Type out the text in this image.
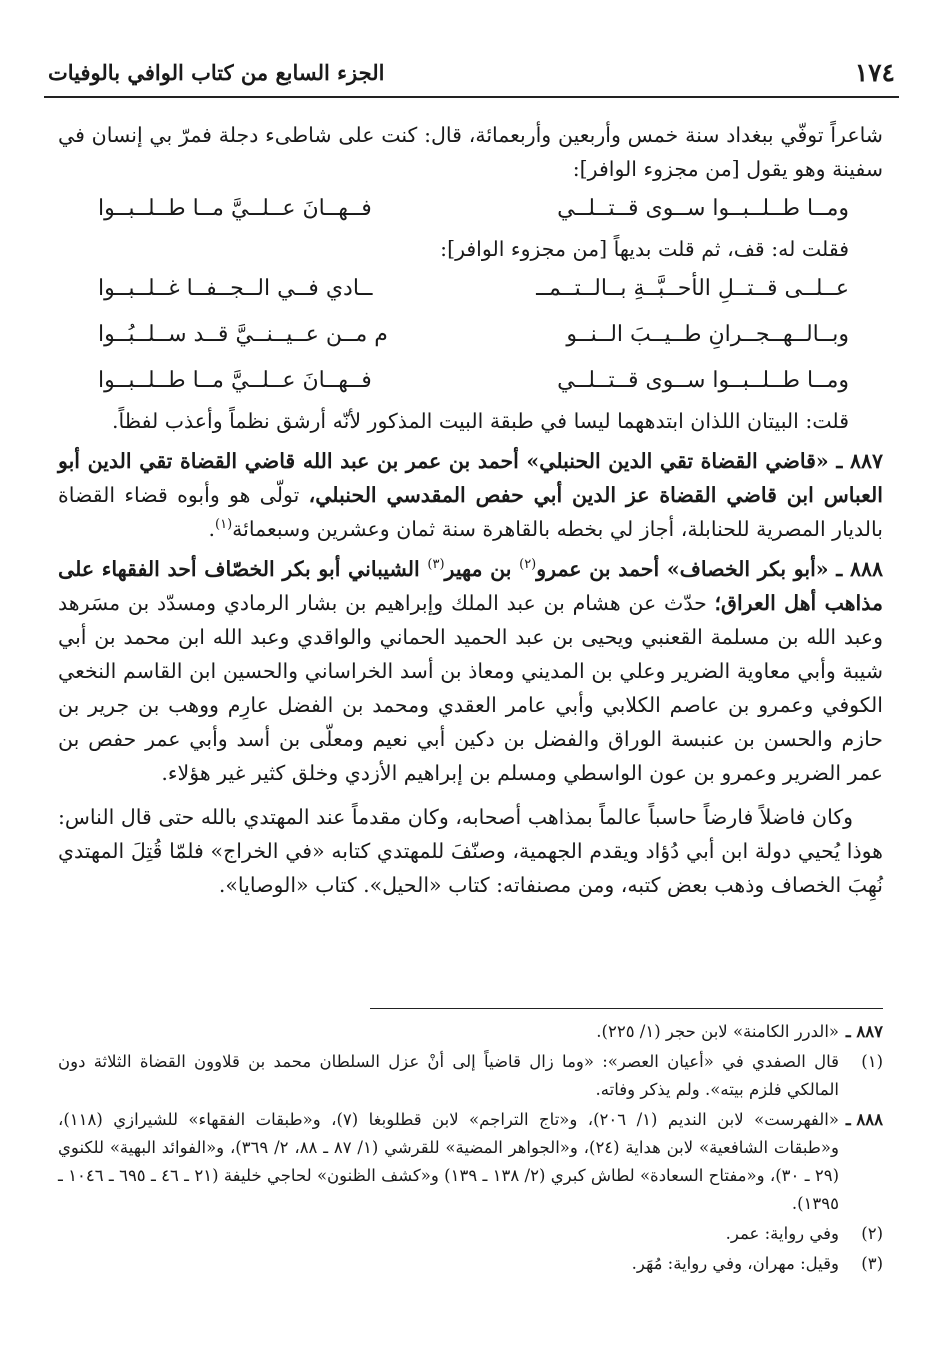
١٧٤
الجزء السابع من كتاب الوافي بالوفيات

شاعراً توفّي ببغداد سنة خمس وأربعين وأربعمائة، قال: كنت على شاطىء دجلة فمرّ بي إنسان في سفينة وهو يقول [من مجزوء الوافر]:

ومــا طــلــبــوا ســوى قــتــلــي
فــهــانَ عــلــيَّ مــا طــلــبــوا

فقلت له: قف، ثم قلت بديهاً [من مجزوء الوافر]:

عــلــى قــتــلِ الأحــبَّــةِ بــالــتــمــ
ــادي فــي الــجــفــا غــلــبــوا
وبــالــهــجــرانِ طــيــبَ الــنــو
م مــن عــيــنــيَّ قــد ســلــبُــوا
ومــا طــلــبــوا ســوى قــتــلــي
فــهــانَ عــلــيَّ مــا طــلــبــوا

قلت: البيتان اللذان ابتدههما ليسا في طبقة البيت المذكور لأنّه أرشق نظماً وأعذب لفظاً.

٨٨٧ ـ «قاضي القضاة تقي الدين الحنبلي» أحمد بن عمر بن عبد الله قاضي القضاة تقي الدين أبو العباس ابن قاضي القضاة عز الدين أبي حفص المقدسي الحنبلي، تولّى هو وأبوه قضاء القضاة بالديار المصرية للحنابلة، أجاز لي بخطه بالقاهرة سنة ثمان وعشرين وسبعمائة$^{(١)}$.

٨٨٨ ـ «أبو بكر الخصاف» أحمد بن عمرو$^{(٢)}$ بن مهير$^{(٣)}$ الشيباني أبو بكر الخصّاف أحد الفقهاء على مذاهب أهل العراق؛ حدّث عن هشام بن عبد الملك وإبراهيم بن بشار الرمادي ومسدّد بن مسَرهد وعبد الله بن مسلمة القعنبي ويحيى بن عبد الحميد الحماني والواقدي وعبد الله ابن محمد بن أبي شيبة وأبي معاوية الضرير وعلي بن المديني ومعاذ بن أسد الخراساني والحسين ابن القاسم النخعي الكوفي وعمرو بن عاصم الكلابي وأبي عامر العقدي ومحمد بن الفضل عارِم ووهب بن جرير بن حازم والحسن بن عنبسة الوراق والفضل بن دكين أبي نعيم ومعلّى بن أسد وأبي عمر حفص بن عمر الضرير وعمرو بن عون الواسطي ومسلم بن إبراهيم الأزدي وخلق كثير غير هؤلاء.

وكان فاضلاً فارضاً حاسباً عالماً بمذاهب أصحابه، وكان مقدماً عند المهتدي بالله حتى قال الناس: هوذا يُحيي دولة ابن أبي دُؤاد ويقدم الجهمية، وصنّفَ للمهتدي كتابه «في الخراج» فلمّا قُتِلَ المهتدي نُهِبَ الخصاف وذهب بعض كتبه، ومن مصنفاته: كتاب «الحيل». كتاب «الوصايا».

٨٨٧ ـ
«الدرر الكامنة» لابن حجر (١/ ٢٢٥).
(١)
قال الصفدي في «أعيان العصر»: «وما زال قاضياً إلى أنْ عزل السلطان محمد بن قلاوون القضاة الثلاثة دون المالكي فلزم بيته». ولم يذكر وفاته.
٨٨٨ ـ
«الفهرست» لابن النديم (١/ ٢٠٦)، و«تاج التراجم» لابن قطلوبغا (٧)، و«طبقات الفقهاء» للشيرازي (١١٨)، و«طبقات الشافعية» لابن هداية (٢٤)، و«الجواهر المضية» للقرشي (١/ ٨٧ ـ ٨٨، ٢/ ٣٦٩)، و«الفوائد البهية» للكنوي (٢٩ ـ ٣٠)، و«مفتاح السعادة» لطاش كبري (٢/ ١٣٨ ـ ١٣٩) و«كشف الظنون» لحاجي خليفة (٢١ ـ ٤٦ ـ ٦٩٥ ـ ١٠٤٦ ـ ١٣٩٥).
(٢)
وفي رواية: عمر.
(٣)
وقيل: مهران، وفي رواية: مُهَر.
